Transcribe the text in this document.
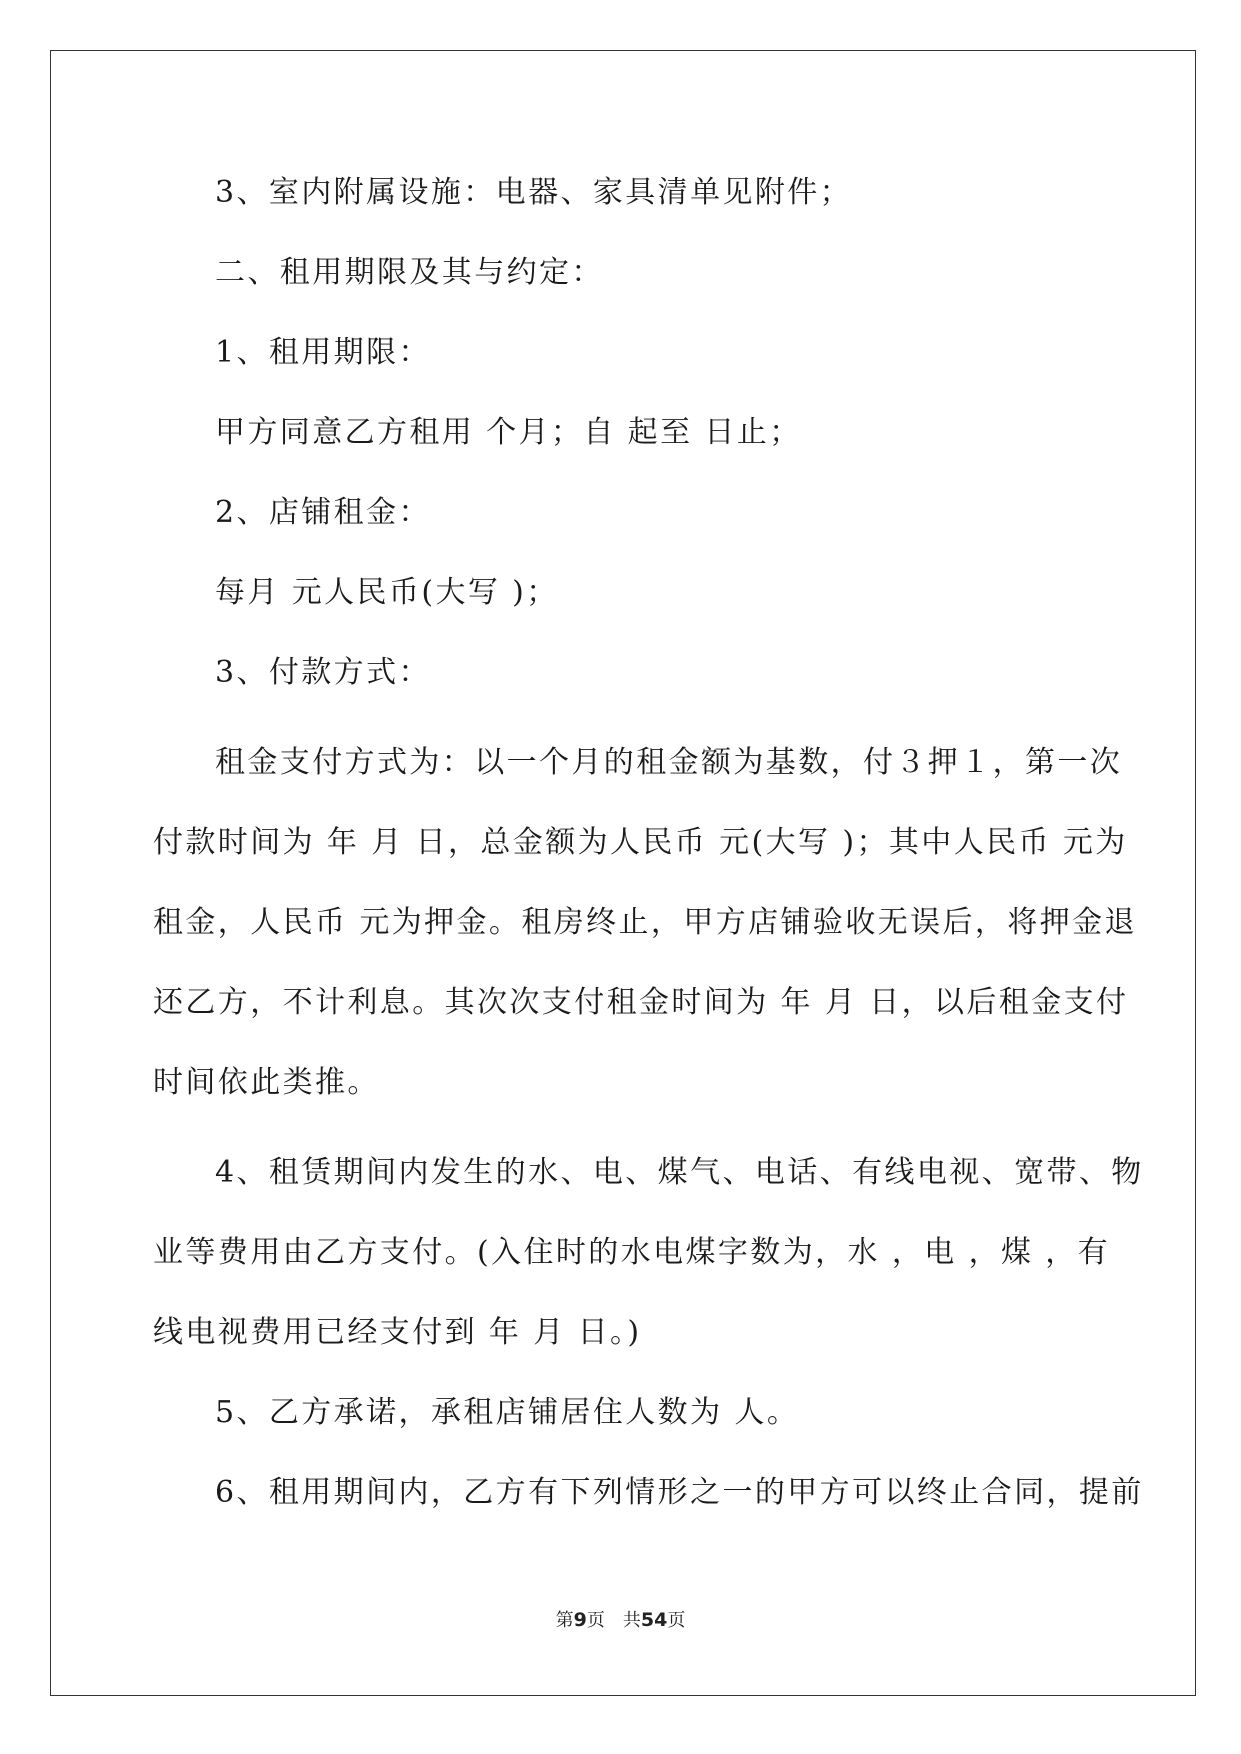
3、室内附属设施：电器、家具清单见附件；
二、租用期限及其与约定：
1、租用期限：
甲方同意乙方租用 个月；自 起至 日止；
2、店铺租金：
每月 元人民币(大写 )；
3、付款方式：
租金支付方式为：以一个月的租金额为基数，付３押１，第一次
付款时间为 年 月 日，总金额为人民币 元(大写 )；其中人民币 元为
租金，人民币 元为押金。租房终止，甲方店铺验收无误后，将押金退
还乙方，不计利息。其次次支付租金时间为 年 月 日，以后租金支付
时间依此类推。
4、租赁期间内发生的水、电、煤气、电话、有线电视、宽带、物
业等费用由乙方支付。(入住时的水电煤字数为，水 ，电 ，煤 ，有
线电视费用已经支付到 年 月 日。)
5、乙方承诺，承租店铺居住人数为 人。
6、租用期间内，乙方有下列情形之一的甲方可以终止合同，提前
第9页　共54页
